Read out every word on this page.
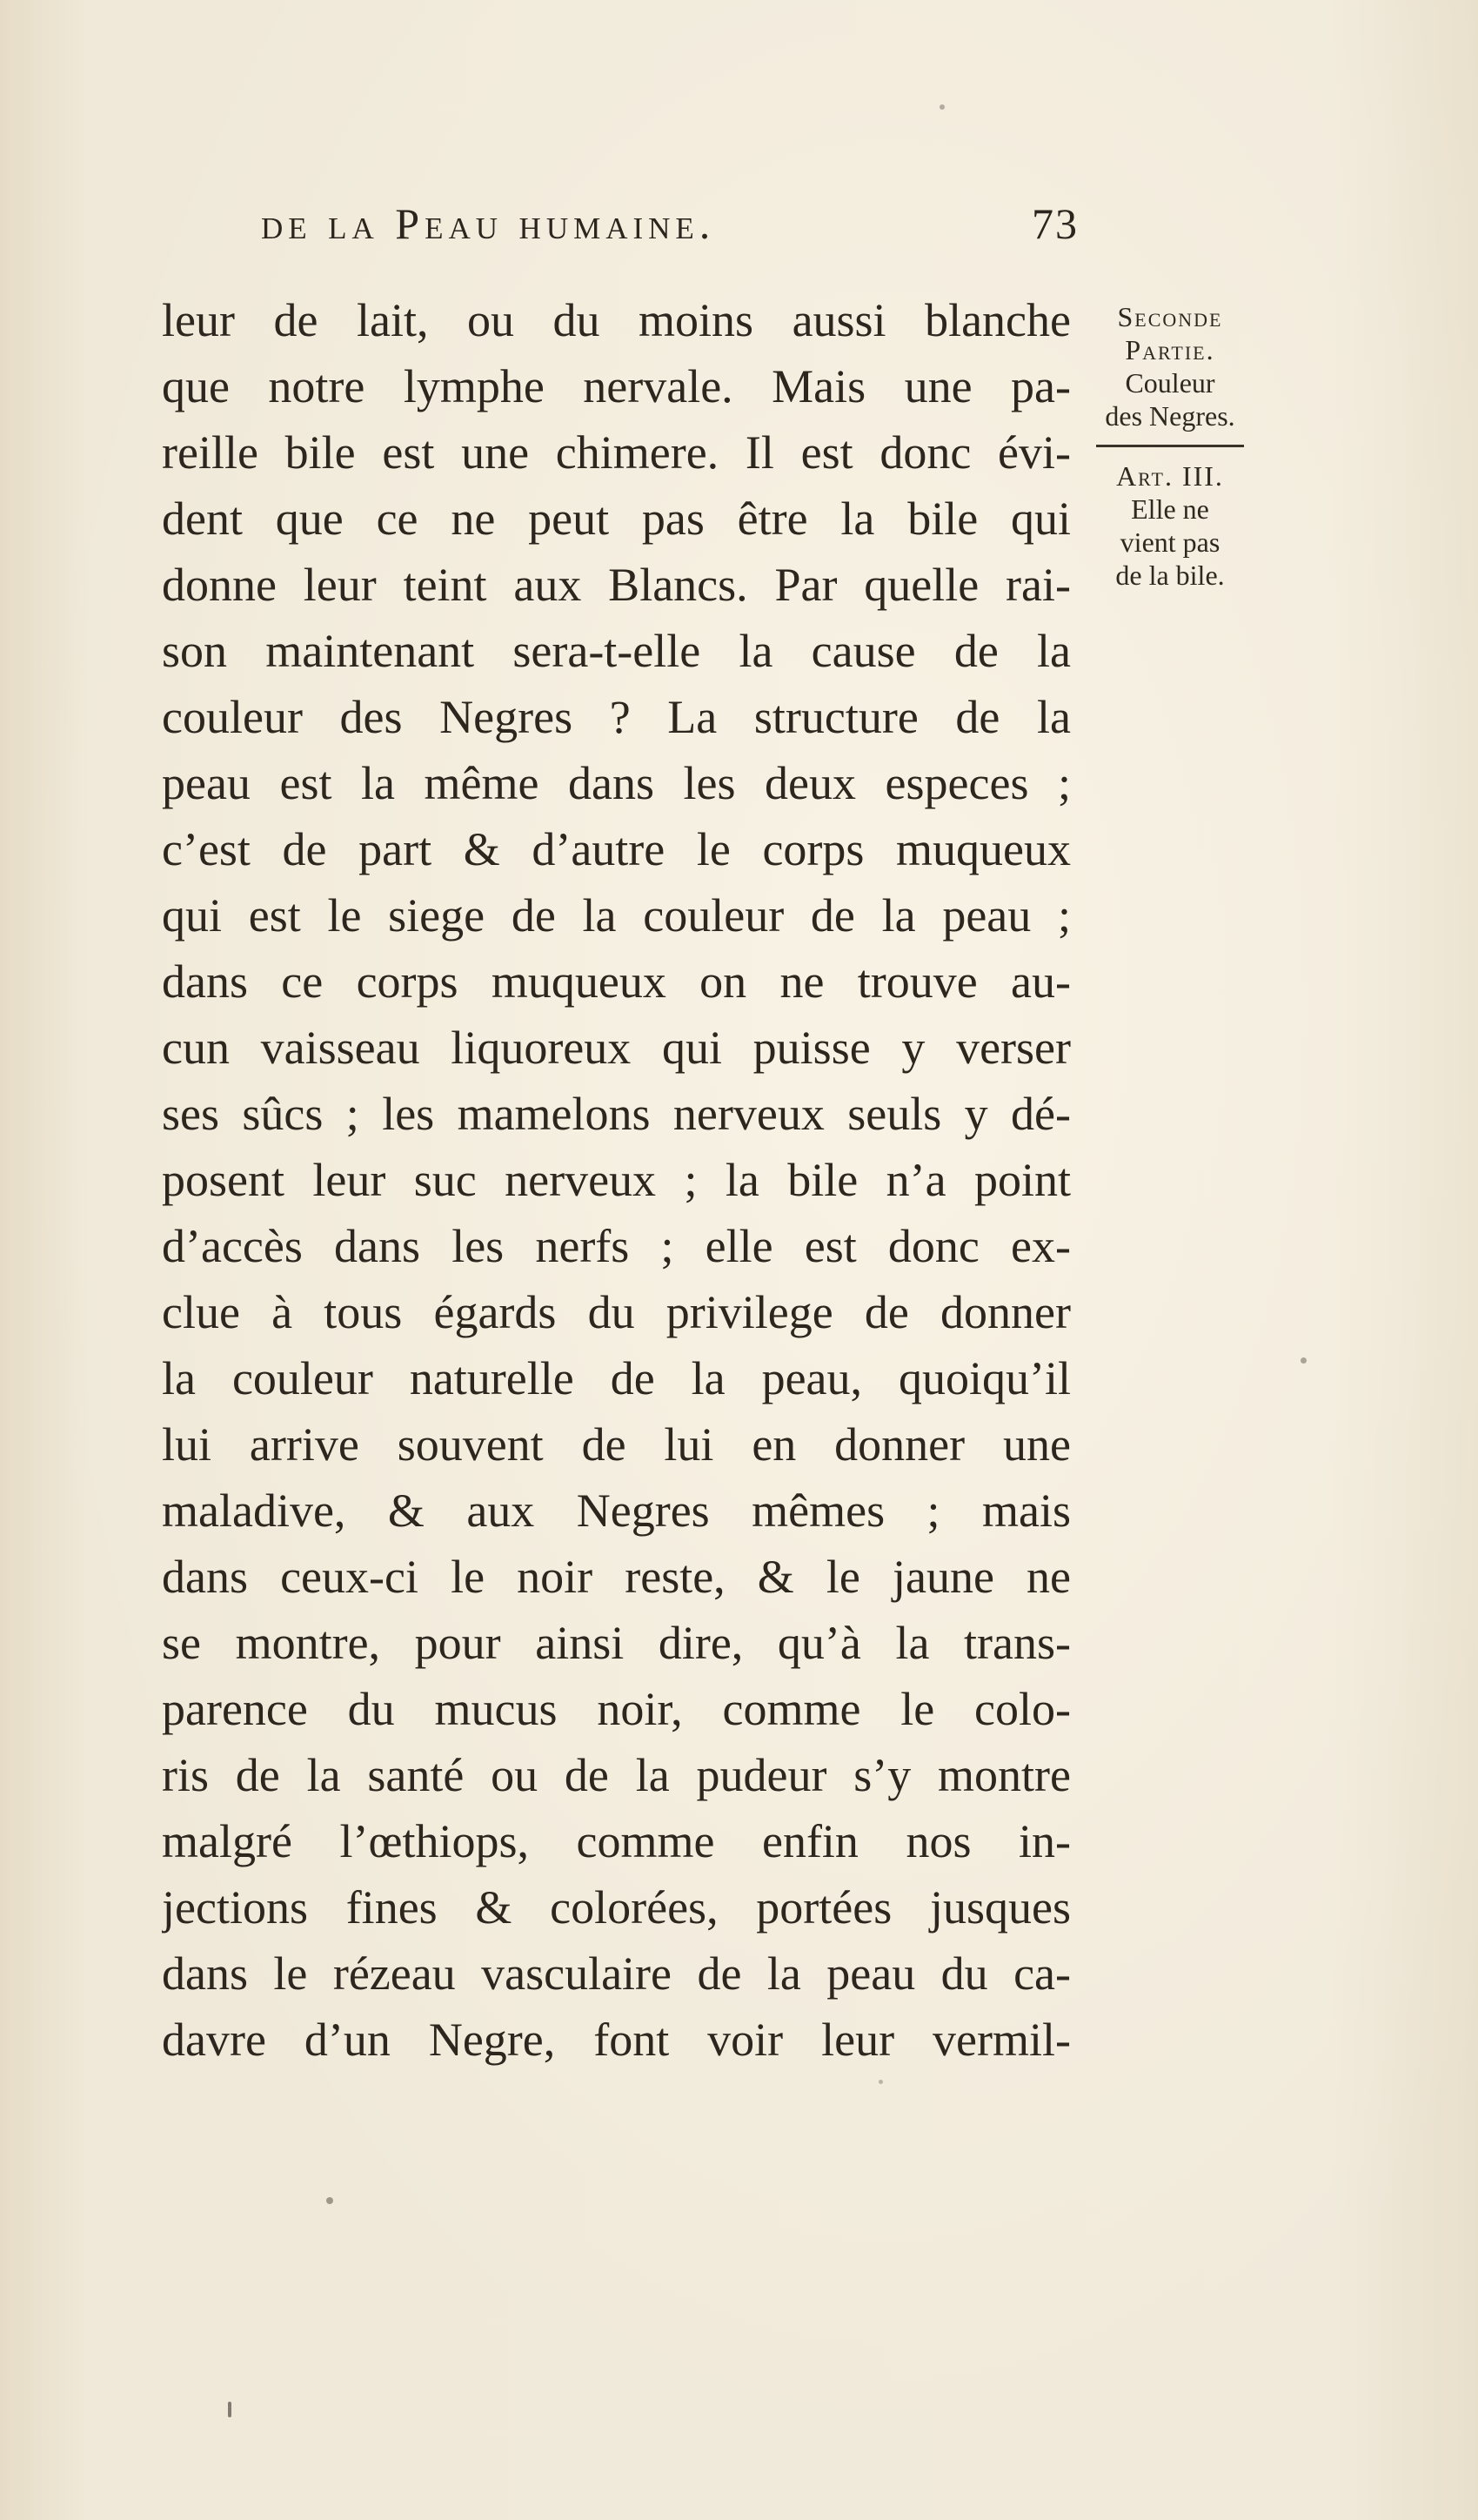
de la Peau humaine.	73
leur de lait, ou du moins aussi blanche
que notre lymphe nervale. Mais une pa-
reille bile est une chimere. Il est donc évi-
dent que ce ne peut pas être la bile qui
donne leur teint aux Blancs. Par quelle rai-
son maintenant sera-t-elle la cause de la
couleur des Negres ? La structure de la
peau est la même dans les deux especes ;
c’est de part & d’autre le corps muqueux
qui est le siege de la couleur de la peau ;
dans ce corps muqueux on ne trouve au-
cun vaisseau liquoreux qui puisse y verser
ses sûcs ; les mamelons nerveux seuls y dé-
posent leur suc nerveux ; la bile n’a point
d’accès dans les nerfs ; elle est donc ex-
clue à tous égards du privilege de donner
la couleur naturelle de la peau, quoiqu’il
lui arrive souvent de lui en donner une
maladive, & aux Negres mêmes ; mais
dans ceux-ci le noir reste, & le jaune ne
se montre, pour ainsi dire, qu’à la trans-
parence du mucus noir, comme le colo-
ris de la santé ou de la pudeur s’y montre
malgré l’œthiops, comme enfin nos in-
jections fines & colorées, portées jusques
dans le rézeau vasculaire de la peau du ca-
davre d’un Negre, font voir leur vermil-
Seconde
Partie.
Couleur
des Negres.
Art. III.
Elle ne
vient pas
de la bile.
